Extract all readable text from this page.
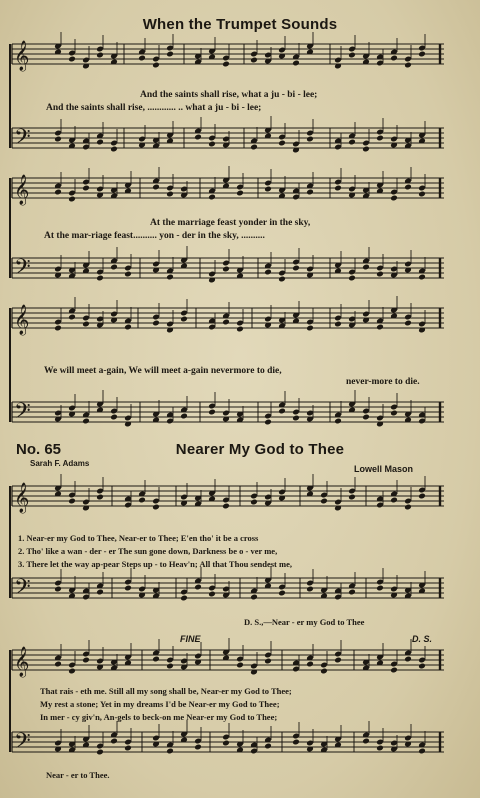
𝄞
𝄢
𝄞
𝄢
𝄞
𝄢
𝄞
𝄢
𝄞
𝄢
When the Trumpet Sounds
And the saints shall rise, what a ju - bi - lee;
And the saints shall rise, ............ .. what a ju - bi - lee;
At the marriage feast yonder in the sky,
At the mar-riage feast.......... yon - der in the sky, ..........
We will meet a-gain, We will meet a-gain nevermore to die,
never-more to die.
No. 65	Nearer My God to Thee
Sarah F. Adams
Lowell Mason
1. Near-er my God to Thee, Near-er to Thee; E'en tho' it be a cross
2. Tho' like a wan - der - er The sun gone down, Darkness be o - ver me,
3. There let the way ap-pear Steps up - to Heav'n; All that Thou sendest me,
D. S.,—Near - er my God to Thee
FINE	D. S.
That rais - eth me. Still all my song shall be, Near-er my God to Thee;
My rest a stone; Yet in my dreams I'd be Near-er my God to Thee;
In mer - cy giv'n, An-gels to beck-on me Near-er my God to Thee;
Near - er to Thee.
